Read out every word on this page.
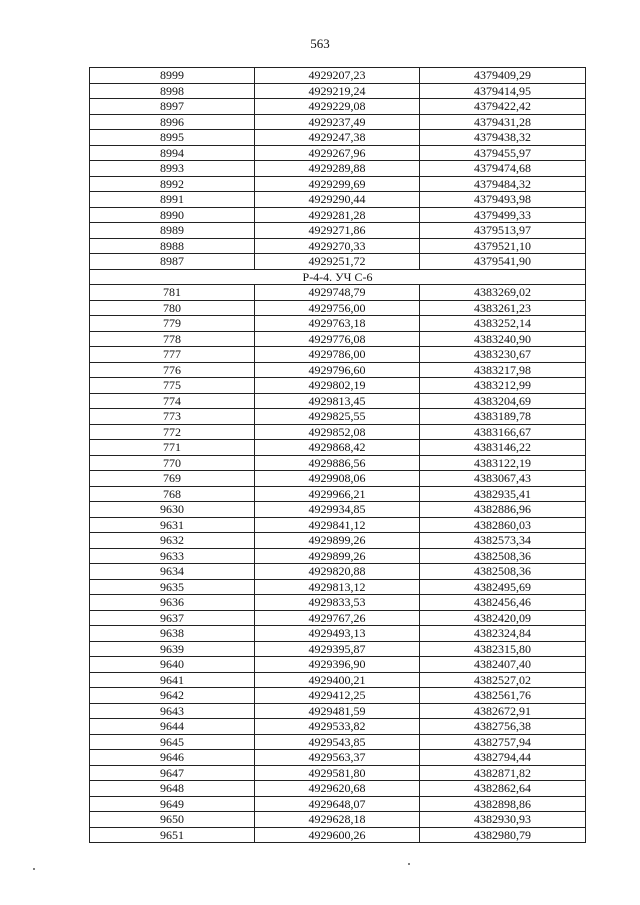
563
8999	4929207,23	4379409,29
8998	4929219,24	4379414,95
8997	4929229,08	4379422,42
8996	4929237,49	4379431,28
8995	4929247,38	4379438,32
8994	4929267,96	4379455,97
8993	4929289,88	4379474,68
8992	4929299,69	4379484,32
8991	4929290,44	4379493,98
8990	4929281,28	4379499,33
8989	4929271,86	4379513,97
8988	4929270,33	4379521,10
8987	4929251,72	4379541,90
Р-4-4. УЧ С-6		
781	4929748,79	4383269,02
780	4929756,00	4383261,23
779	4929763,18	4383252,14
778	4929776,08	4383240,90
777	4929786,00	4383230,67
776	4929796,60	4383217,98
775	4929802,19	4383212,99
774	4929813,45	4383204,69
773	4929825,55	4383189,78
772	4929852,08	4383166,67
771	4929868,42	4383146,22
770	4929886,56	4383122,19
769	4929908,06	4383067,43
768	4929966,21	4382935,41
9630	4929934,85	4382886,96
9631	4929841,12	4382860,03
9632	4929899,26	4382573,34
9633	4929899,26	4382508,36
9634	4929820,88	4382508,36
9635	4929813,12	4382495,69
9636	4929833,53	4382456,46
9637	4929767,26	4382420,09
9638	4929493,13	4382324,84
9639	4929395,87	4382315,80
9640	4929396,90	4382407,40
9641	4929400,21	4382527,02
9642	4929412,25	4382561,76
9643	4929481,59	4382672,91
9644	4929533,82	4382756,38
9645	4929543,85	4382757,94
9646	4929563,37	4382794,44
9647	4929581,80	4382871,82
9648	4929620,68	4382862,64
9649	4929648,07	4382898,86
9650	4929628,18	4382930,93
9651	4929600,26	4382980,79
